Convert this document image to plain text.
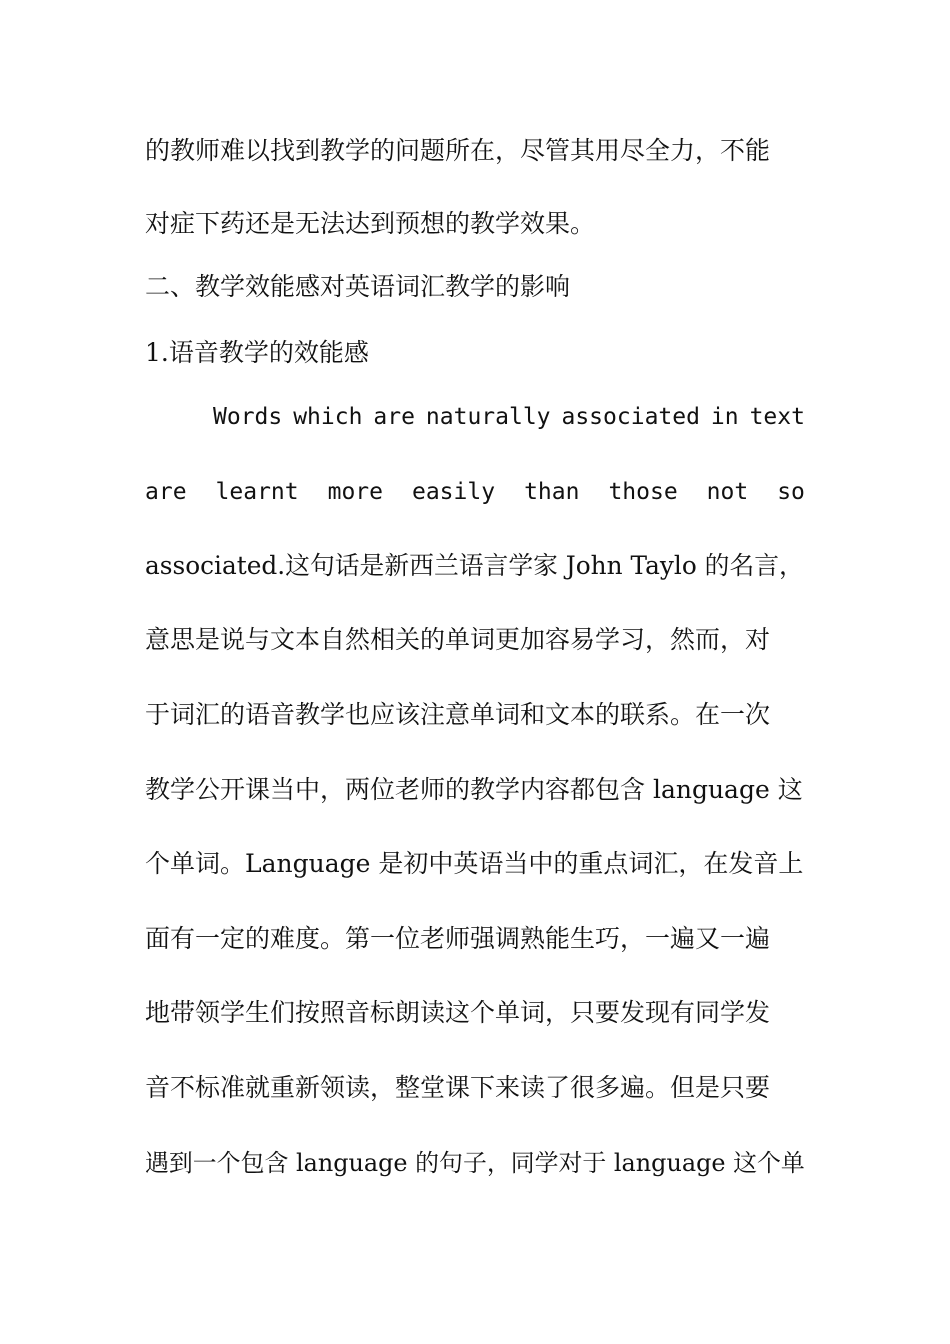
的教师难以找到教学的问题所在，尽管其用尽全力，不能
对症下药还是无法达到预想的教学效果。
二、教学效能感对英语词汇教学的影响
1.语音教学的效能感
Words which are naturally associated in text
are learnt more easily than those not so
associated.这句话是新西兰语言学家 John Taylo 的名言，
意思是说与文本自然相关的单词更加容易学习，然而，对
于词汇的语音教学也应该注意单词和文本的联系。在一次
教学公开课当中，两位老师的教学内容都包含 language 这
个单词。Language 是初中英语当中的重点词汇，在发音上
面有一定的难度。第一位老师强调熟能生巧，一遍又一遍
地带领学生们按照音标朗读这个单词，只要发现有同学发
音不标准就重新领读，整堂课下来读了很多遍。但是只要
遇到一个包含 language 的句子，同学对于 language 这个单
